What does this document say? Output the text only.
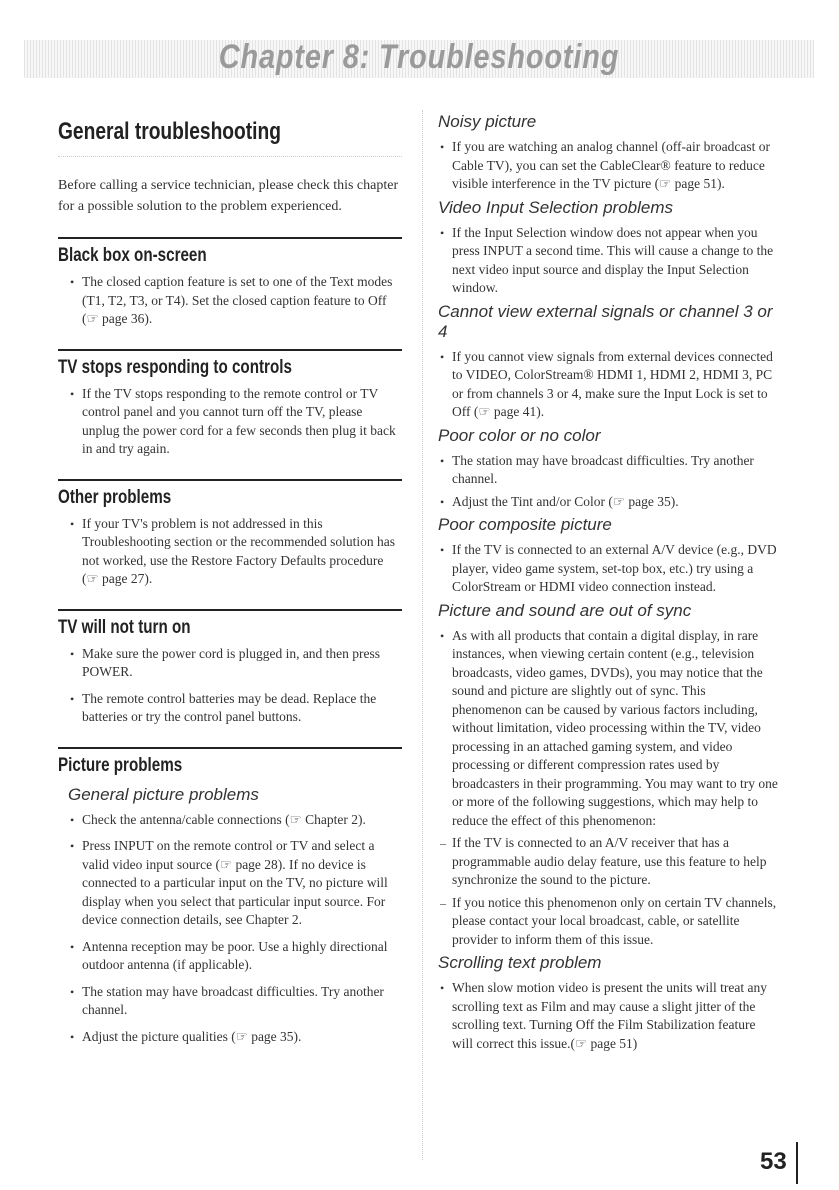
Chapter 8: Troubleshooting
General troubleshooting

Before calling a service technician, please check this chapter for a possible solution to the problem experienced.

Black box on-screen
• The closed caption feature is set to one of the Text modes (T1, T2, T3, or T4). Set the closed caption feature to Off (☞ page 36).
TV stops responding to controls
• If the TV stops responding to the remote control or TV control panel and you cannot turn off the TV, please unplug the power cord for a few seconds then plug it back in and try again.
Other problems
• If your TV's problem is not addressed in this Troubleshooting section or the recommended solution has not worked, use the Restore Factory Defaults procedure (☞ page 27).
TV will not turn on
• Make sure the power cord is plugged in, and then press POWER.
• The remote control batteries may be dead. Replace the batteries or try the control panel buttons.
Picture problems
General picture problems
• Check the antenna/cable connections (☞ Chapter 2).
• Press INPUT on the remote control or TV and select a valid video input source (☞ page 28). If no device is connected to a particular input on the TV, no picture will display when you select that particular input source. For device connection details, see Chapter 2.
• Antenna reception may be poor. Use a highly directional outdoor antenna (if applicable).
• The station may have broadcast difficulties. Try another channel.
• Adjust the picture qualities (☞ page 35).
Noisy picture
• If you are watching an analog channel (off-air broadcast or Cable TV), you can set the CableClear® feature to reduce visible interference in the TV picture (☞ page 51).
Video Input Selection problems
• If the Input Selection window does not appear when you press INPUT a second time. This will cause a change to the next video input source and display the Input Selection window.
Cannot view external signals or channel 3 or 4
• If you cannot view signals from external devices connected to VIDEO, ColorStream® HDMI 1, HDMI 2, HDMI 3, PC or from channels 3 or 4, make sure the Input Lock is set to Off (☞ page 41).
Poor color or no color
• The station may have broadcast difficulties. Try another channel.
• Adjust the Tint and/or Color (☞ page 35).
Poor composite picture
• If the TV is connected to an external A/V device (e.g., DVD player, video game system, set-top box, etc.) try using a ColorStream or HDMI video connection instead.
Picture and sound are out of sync
• As with all products that contain a digital display, in rare instances, when viewing certain content (e.g., television broadcasts, video games, DVDs), you may notice that the sound and picture are slightly out of sync. This phenomenon can be caused by various factors including, without limitation, video processing within the TV, video processing in an attached gaming system, and video processing or different compression rates used by broadcasters in their programming. You may want to try one or more of the following suggestions, which may help to reduce the effect of this phenomenon:
– If the TV is connected to an A/V receiver that has a programmable audio delay feature, use this feature to help synchronize the sound to the picture.
– If you notice this phenomenon only on certain TV channels, please contact your local broadcast, cable, or satellite provider to inform them of this issue.
Scrolling text problem
• When slow motion video is present the units will treat any scrolling text as Film and may cause a slight jitter of the scrolling text. Turning Off the Film Stabilization feature will correct this issue.(☞ page 51)
53
